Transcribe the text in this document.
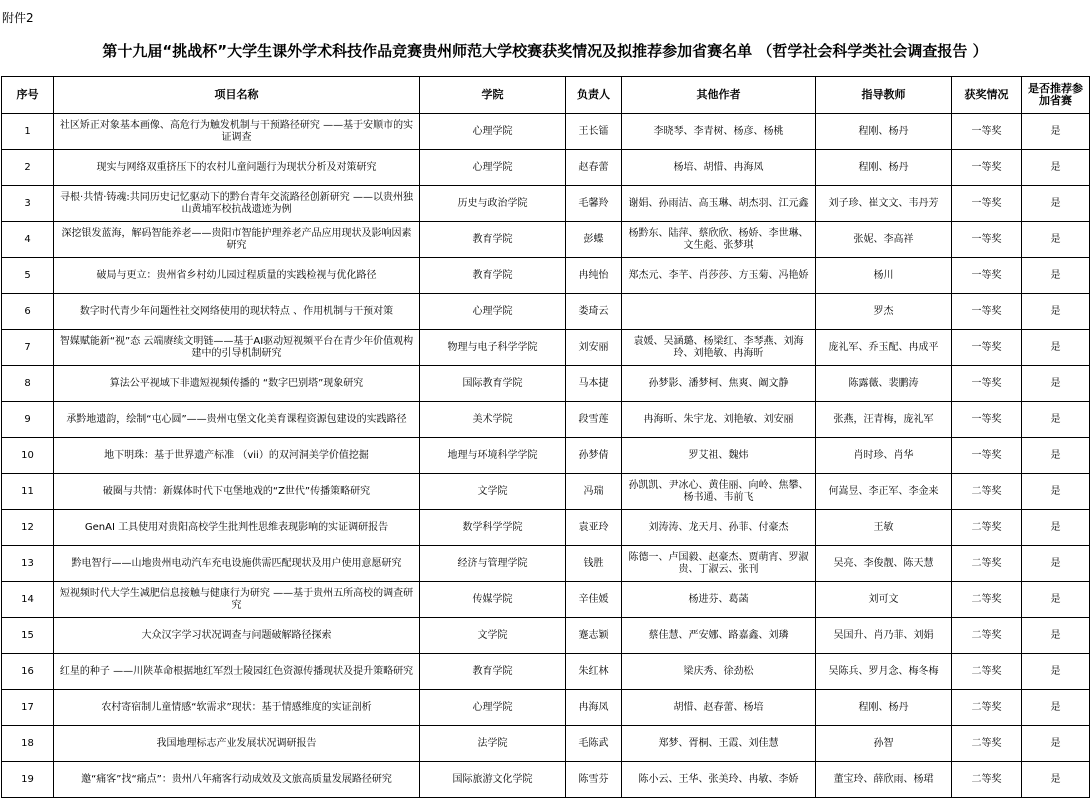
附件2
第十九届“挑战杯”大学生课外学术科技作品竞赛贵州师范大学校赛获奖情况及拟推荐参加省赛名单 （哲学社会科学类社会调查报告 ）
序号	项目名称	学院	负责人	其他作者	指导教师	获奖情况	是否推荐参加省赛
1	社区矫正对象基本画像、高危行为触发机制与干预路径研究 ——基于安顺市的实证调查	心理学院	王长镭	李晓琴、李青树、杨彦、杨桃	程刚、杨丹	一等奖	是
2	现实与网络双重挤压下的农村儿童问题行为现状分析及对策研究	心理学院	赵春蕾	杨培、胡惜、冉海凤	程刚、杨丹	一等奖	是
3	寻根·共情·铸魂:共同历史记忆驱动下的黔台青年交流路径创新研究 ——以贵州独山黄埔军校抗战遗迹为例	历史与政治学院	毛馨羚	谢娟、孙雨洁、高玉琳、胡杰羽、江元鑫	刘子珍、崔文文、韦丹芳	一等奖	是
4	深挖银发蓝海，解码智能养老——贵阳市智能护理养老产品应用现状及影响因素研究	教育学院	彭蝶	杨黔东、陆萍、蔡欣欣、杨娇、李世琳、文生彪、张梦琪	张妮、李高祥	一等奖	是
5	破局与更立：贵州省乡村幼儿园过程质量的实践检视与优化路径	教育学院	冉纯怡	郑杰元、李芊、肖莎莎、方玉菊、冯艳娇	杨川	一等奖	是
6	数字时代青少年问题性社交网络使用的现状特点 、作用机制与干预对策	心理学院	娄琦云		罗杰	一等奖	是
7	智媒赋能新“视”态 云端赓续文明链——基于AI驱动短视频平台在青少年价值观构建中的引导机制研究	物理与电子科学学院	刘安丽	袁媛、吴涵璐、杨梁红、李琴燕、刘海玲、刘艳敏、冉海昕	庞礼军、乔玉配、冉成平	一等奖	是
8	算法公平视域下非遗短视频传播的 “数字巴别塔”现象研究	国际教育学院	马本捷	孙梦影、潘梦柯、焦爽、阚文静	陈露薇、裴鹏涛	一等奖	是
9	承黔地遗韵，绘制“屯心圆”——贵州屯堡文化美育课程资源包建设的实践路径	美术学院	段雪莲	冉海昕、朱宇龙、刘艳敏、刘安丽	张燕，汪青梅，庞礼军	一等奖	是
10	地下明珠：基于世界遗产标准 （vii）的双河洞美学价值挖掘	地理与环境科学学院	孙梦倩	罗艾祖、魏炜	肖时珍、肖华	一等奖	是
11	破圈与共情：新媒体时代下屯堡地戏的“Z世代”传播策略研究	文学院	冯瑞	孙凯凯、尹冰心、黄佳丽、向岭、焦攀、杨书通、韦前飞	何嵩昱、李正军、李金来	二等奖	是
12	GenAI 工具使用对贵阳高校学生批判性思维表现影响的实证调研报告	数学科学学院	袁亚玲	刘涛涛、龙天月、孙菲、付豪杰	王敏	二等奖	是
13	黔电智行——山地贵州电动汽车充电设施供需匹配现状及用户使用意愿研究	经济与管理学院	钱胜	陈德一、卢国毅、赵豪杰、贾萌宵、罗淑贵、丁淑云、张刊	吴亮、李俊靓、陈天慧	二等奖	是
14	短视频时代大学生减肥信息接触与健康行为研究 ——基于贵州五所高校的调查研究	传媒学院	辛佳媛	杨进芬、葛菡	刘可文	二等奖	是
15	大众汉字学习状况调查与问题破解路径探索	文学院	蹇志颖	蔡佳慧、严安娜、路嘉鑫、刘璘	吴国升、肖乃菲、刘娟	二等奖	是
16	红星的种子 ——川陕革命根据地红军烈士陵园红色资源传播现状及提升策略研究	教育学院	朱红林	梁庆秀、徐劲松	吴陈兵、罗月念、梅冬梅	二等奖	是
17	农村寄宿制儿童情感“软需求”现状：基于情感维度的实证剖析	心理学院	冉海凤	胡惜、赵春蕾、杨培	程刚、杨丹	二等奖	是
18	我国地理标志产业发展状况调研报告	法学院	毛陈武	郑梦、胥桐、王霞、刘佳慧	孙智	二等奖	是
19	邀“痛客”找“痛点”：贵州八年痛客行动成效及文旅高质量发展路径研究	国际旅游文化学院	陈雪芬	陈小云、王华、张美玲、冉敏、李娇	董宝玲、薛欣雨、杨珺	二等奖	是
